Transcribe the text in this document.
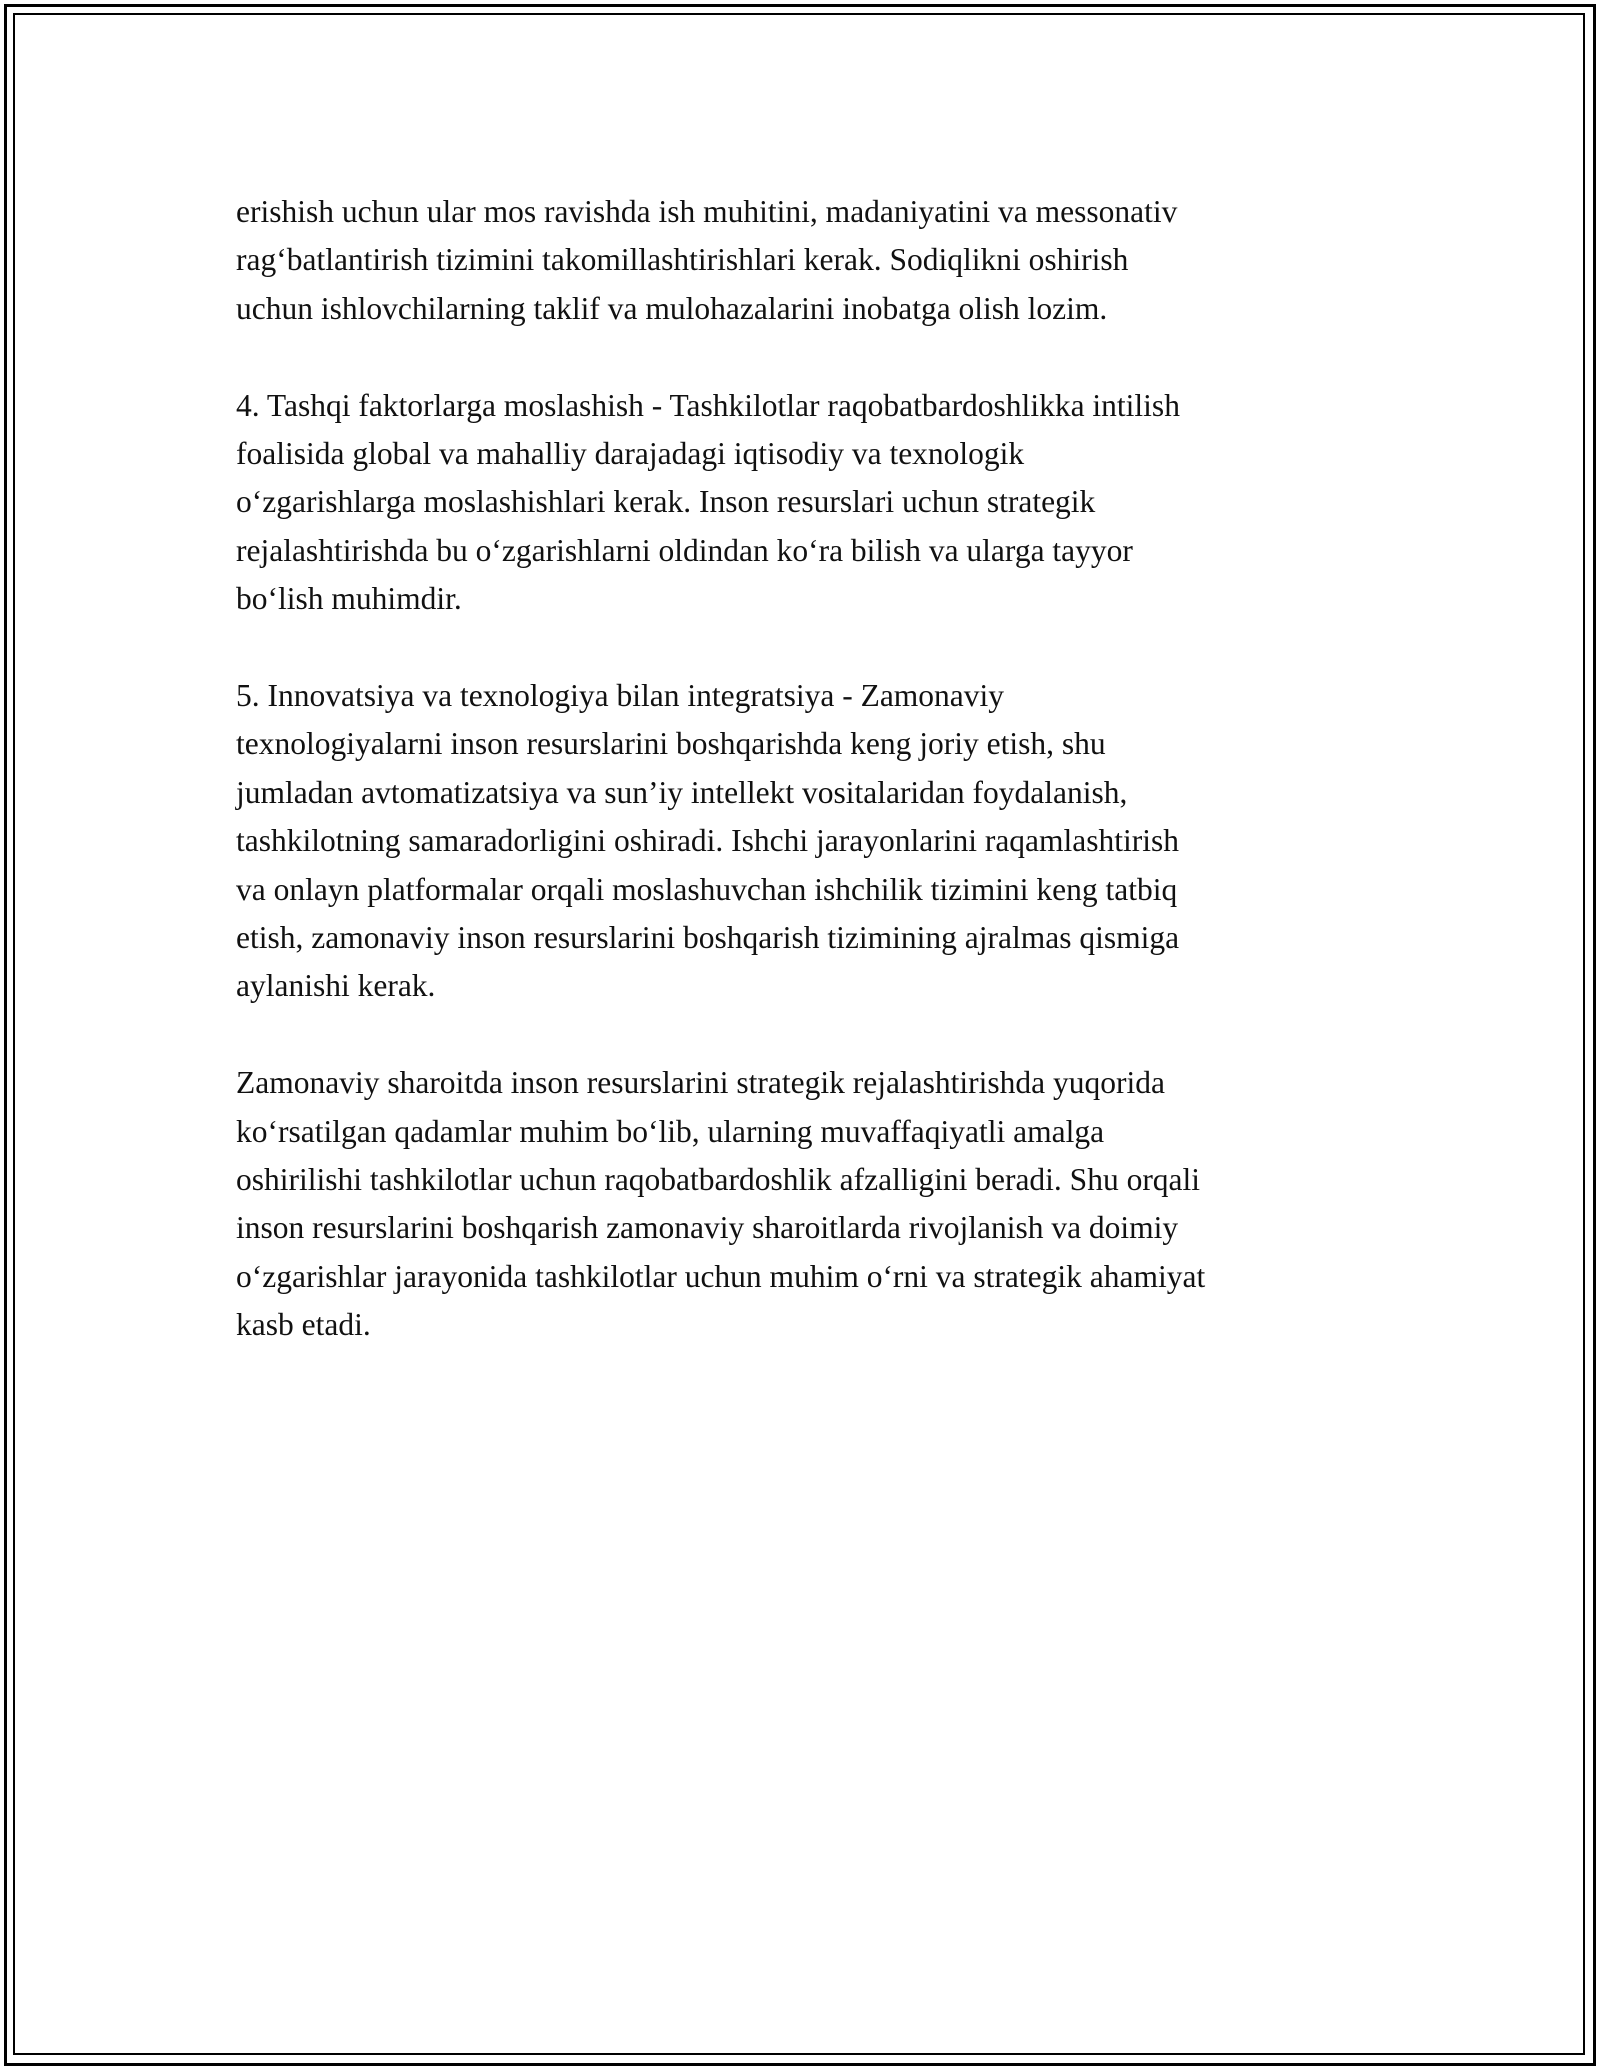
erishish uchun ular mos ravishda ish muhitini, madaniyatini va messonativ
rag‘batlantirish tizimini takomillashtirishlari kerak. Sodiqlikni oshirish
uchun ishlovchilarning taklif va mulohazalarini inobatga olish lozim.

4. Tashqi faktorlarga moslashish - Tashkilotlar raqobatbardoshlikka intilish
foalisida global va mahalliy darajadagi iqtisodiy va texnologik
o‘zgarishlarga moslashishlari kerak. Inson resurslari uchun strategik
rejalashtirishda bu o‘zgarishlarni oldindan ko‘ra bilish va ularga tayyor
bo‘lish muhimdir.

5. Innovatsiya va texnologiya bilan integratsiya - Zamonaviy
texnologiyalarni inson resurslarini boshqarishda keng joriy etish, shu
jumladan avtomatizatsiya va sun’iy intellekt vositalaridan foydalanish,
tashkilotning samaradorligini oshiradi. Ishchi jarayonlarini raqamlashtirish
va onlayn platformalar orqali moslashuvchan ishchilik tizimini keng tatbiq
etish, zamonaviy inson resurslarini boshqarish tizimining ajralmas qismiga
aylanishi kerak.

Zamonaviy sharoitda inson resurslarini strategik rejalashtirishda yuqorida
ko‘rsatilgan qadamlar muhim bo‘lib, ularning muvaffaqiyatli amalga
oshirilishi tashkilotlar uchun raqobatbardoshlik afzalligini beradi. Shu orqali
inson resurslarini boshqarish zamonaviy sharoitlarda rivojlanish va doimiy
o‘zgarishlar jarayonida tashkilotlar uchun muhim o‘rni va strategik ahamiyat
kasb etadi.
